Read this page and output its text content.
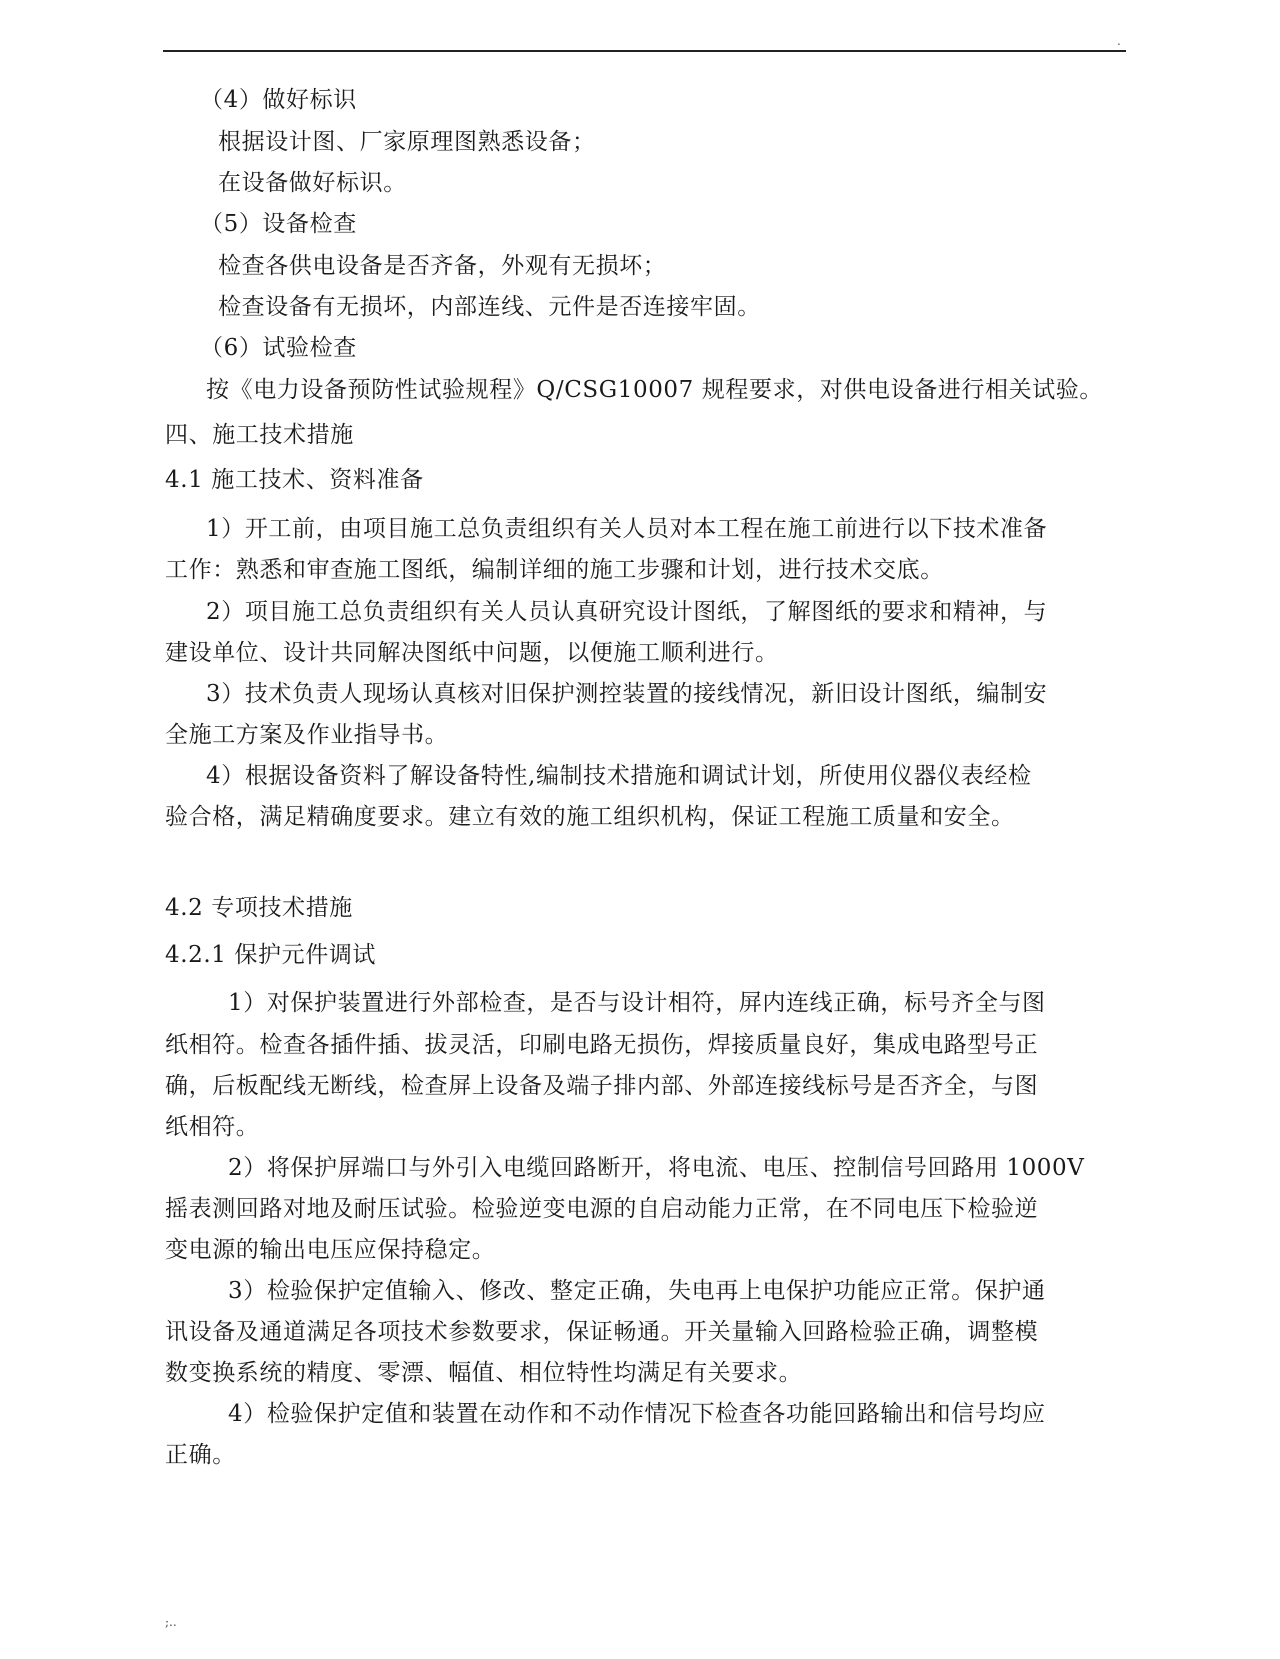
.
（4）做好标识
根据设计图、厂家原理图熟悉设备；
在设备做好标识。
（5）设备检查
检查各供电设备是否齐备，外观有无损坏；
检查设备有无损坏，内部连线、元件是否连接牢固。
（6）试验检查
按《电力设备预防性试验规程》Q/CSG10007 规程要求，对供电设备进行相关试验。
四、施工技术措施
4.1 施工技术、资料准备
1）开工前，由项目施工总负责组织有关人员对本工程在施工前进行以下技术准备
工作：熟悉和审查施工图纸，编制详细的施工步骤和计划，进行技术交底。
2）项目施工总负责组织有关人员认真研究设计图纸，了解图纸的要求和精神，与
建设单位、设计共同解决图纸中问题，以便施工顺利进行。
3）技术负责人现场认真核对旧保护测控装置的接线情况，新旧设计图纸，编制安
全施工方案及作业指导书。
4）根据设备资料了解设备特性,编制技术措施和调试计划，所使用仪器仪表经检
验合格，满足精确度要求。建立有效的施工组织机构，保证工程施工质量和安全。
4.2 专项技术措施
4.2.1 保护元件调试
1）对保护装置进行外部检查，是否与设计相符，屏内连线正确，标号齐全与图
纸相符。检查各插件插、拔灵活，印刷电路无损伤，焊接质量良好，集成电路型号正
确，后板配线无断线，检查屏上设备及端子排内部、外部连接线标号是否齐全，与图
纸相符。
2）将保护屏端口与外引入电缆回路断开，将电流、电压、控制信号回路用 1000V
摇表测回路对地及耐压试验。检验逆变电源的自启动能力正常，在不同电压下检验逆
变电源的输出电压应保持稳定。
3）检验保护定值输入、修改、整定正确，失电再上电保护功能应正常。保护通
讯设备及通道满足各项技术参数要求，保证畅通。开关量输入回路检验正确，调整模
数变换系统的精度、零漂、幅值、相位特性均满足有关要求。
4）检验保护定值和装置在动作和不动作情况下检查各功能回路输出和信号均应
正确。
;..
